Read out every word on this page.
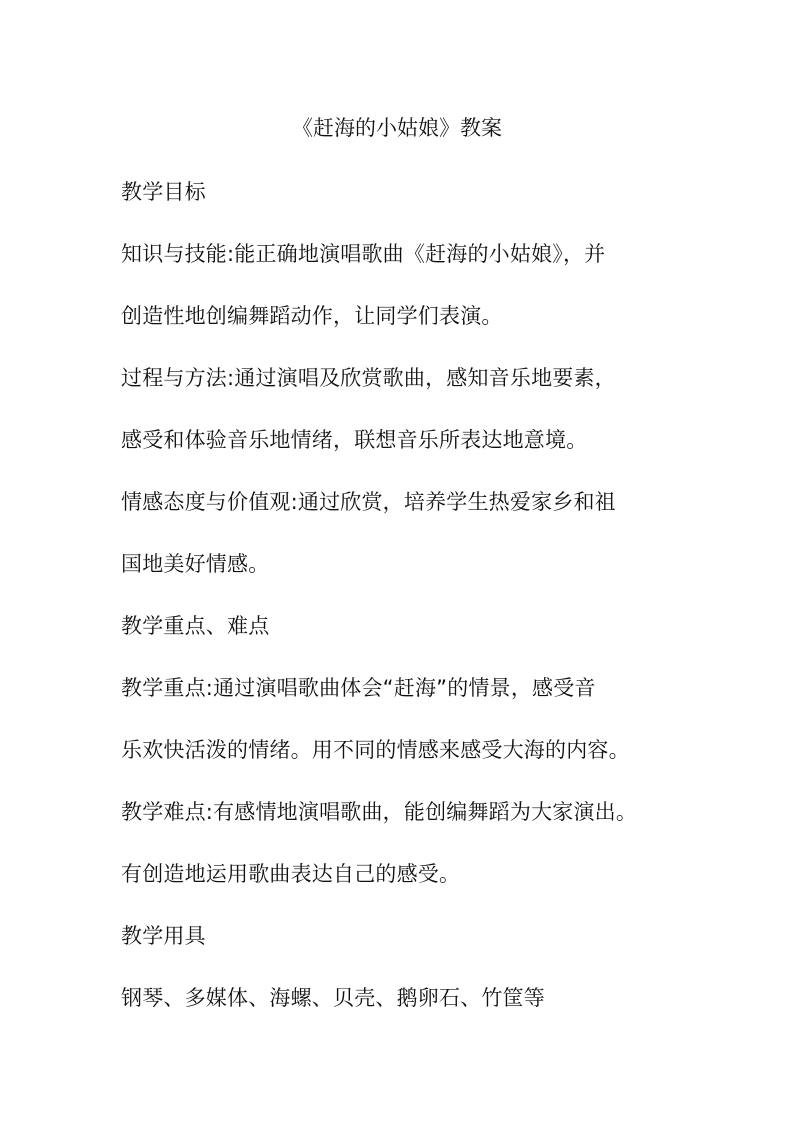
《赶海的小姑娘》教案
教学目标
知识与技能:能正确地演唱歌曲《赶海的小姑娘》，并
创造性地创编舞蹈动作，让同学们表演。
过程与方法:通过演唱及欣赏歌曲，感知音乐地要素，
感受和体验音乐地情绪，联想音乐所表达地意境。
情感态度与价值观:通过欣赏，培养学生热爱家乡和祖
国地美好情感。
教学重点、难点
教学重点:通过演唱歌曲体会“赶海”的情景，感受音
乐欢快活泼的情绪。用不同的情感来感受大海的内容。
教学难点:有感情地演唱歌曲，能创编舞蹈为大家演出。
有创造地运用歌曲表达自己的感受。
教学用具
钢琴、多媒体、海螺、贝壳、鹅卵石、竹筐等
